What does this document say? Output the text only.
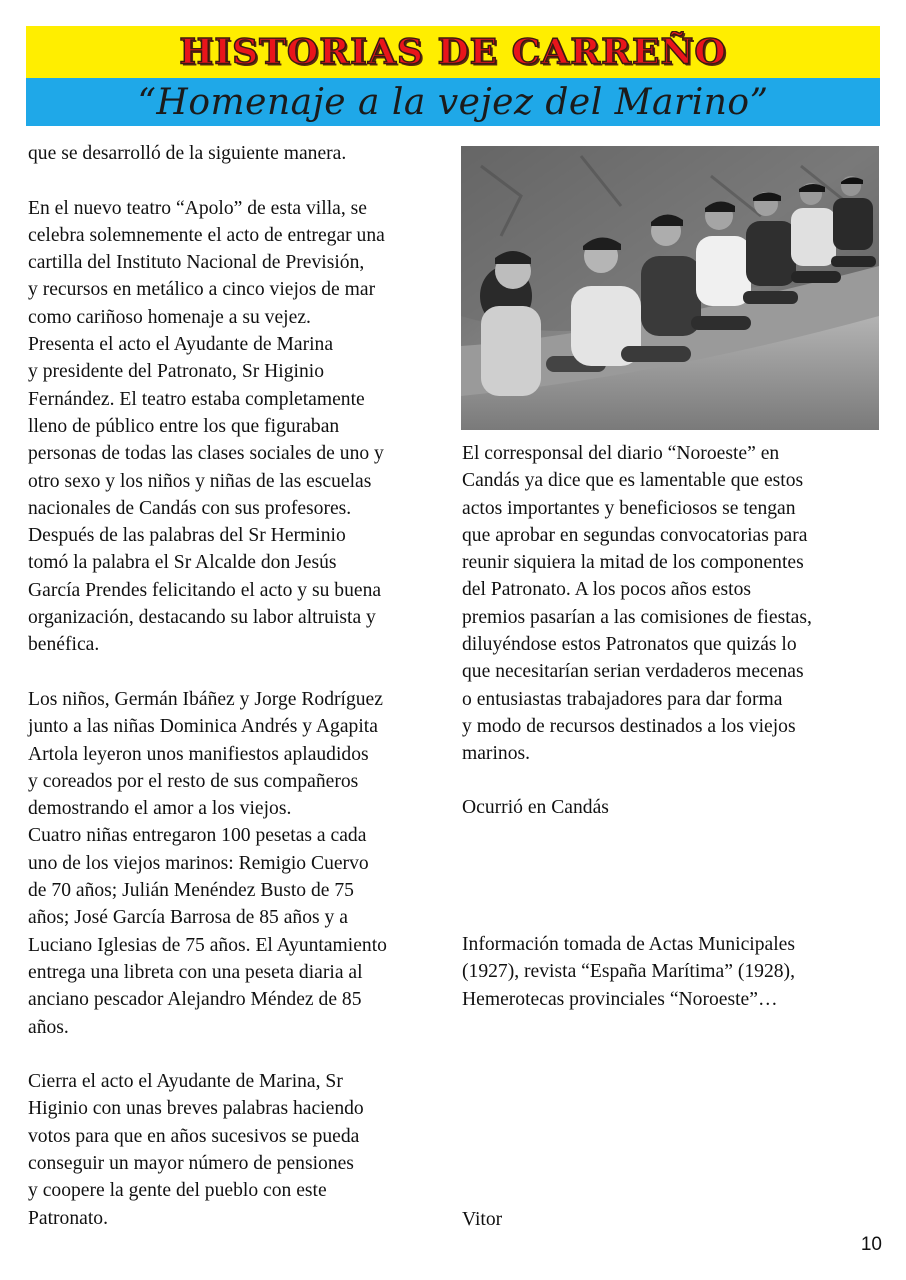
HISTORIAS DE CARREÑO
“Homenaje a la vejez del Marino”
que se desarrolló de la siguiente manera.

En el nuevo teatro “Apolo” de esta villa, se
celebra solemnemente el acto de entregar una
cartilla del Instituto Nacional de Previsión,
y recursos en metálico a cinco viejos de mar
como cariñoso homenaje a su vejez.
Presenta el acto el Ayudante de Marina
y presidente del Patronato, Sr Higinio
Fernández. El teatro estaba completamente
lleno de público entre los que figuraban
personas de todas las clases sociales de uno y
otro sexo y los niños y niñas de las escuelas
nacionales de Candás con sus profesores.
Después de las palabras del Sr Herminio
tomó la palabra el Sr Alcalde don Jesús
García Prendes felicitando el acto y su buena
organización, destacando su labor altruista y
benéfica.

Los niños, Germán Ibáñez y Jorge Rodríguez
junto a las niñas Dominica Andrés y Agapita
Artola leyeron unos manifiestos aplaudidos
y coreados por el resto de sus compañeros
demostrando el amor a los viejos.
Cuatro niñas entregaron 100 pesetas a cada
uno de los viejos marinos: Remigio Cuervo
de 70 años; Julián Menéndez Busto de 75
años; José García Barrosa de 85 años y a
Luciano Iglesias de 75 años. El Ayuntamiento
entrega una libreta con una peseta diaria al
anciano pescador Alejandro Méndez de 85
años.

Cierra el acto el Ayudante de Marina, Sr
Higinio con unas breves palabras haciendo
votos para que en años sucesivos se pueda
conseguir un mayor número de pensiones
y coopere la gente del pueblo con este
Patronato.
El corresponsal del diario “Noroeste” en
Candás ya dice que es lamentable que estos
actos importantes y beneficiosos se tengan
que aprobar en segundas convocatorias para
reunir siquiera la mitad de los componentes
del Patronato. A los pocos años estos
premios pasarían a las comisiones de fiestas,
diluyéndose estos Patronatos que quizás lo
que necesitarían serian verdaderos mecenas
o entusiastas trabajadores para dar forma
y modo de recursos destinados a los viejos
marinos.
Ocurrió en Candás
Información tomada de Actas Municipales
(1927), revista “España Marítima” (1928),
Hemerotecas provinciales “Noroeste”…
Vitor
10
